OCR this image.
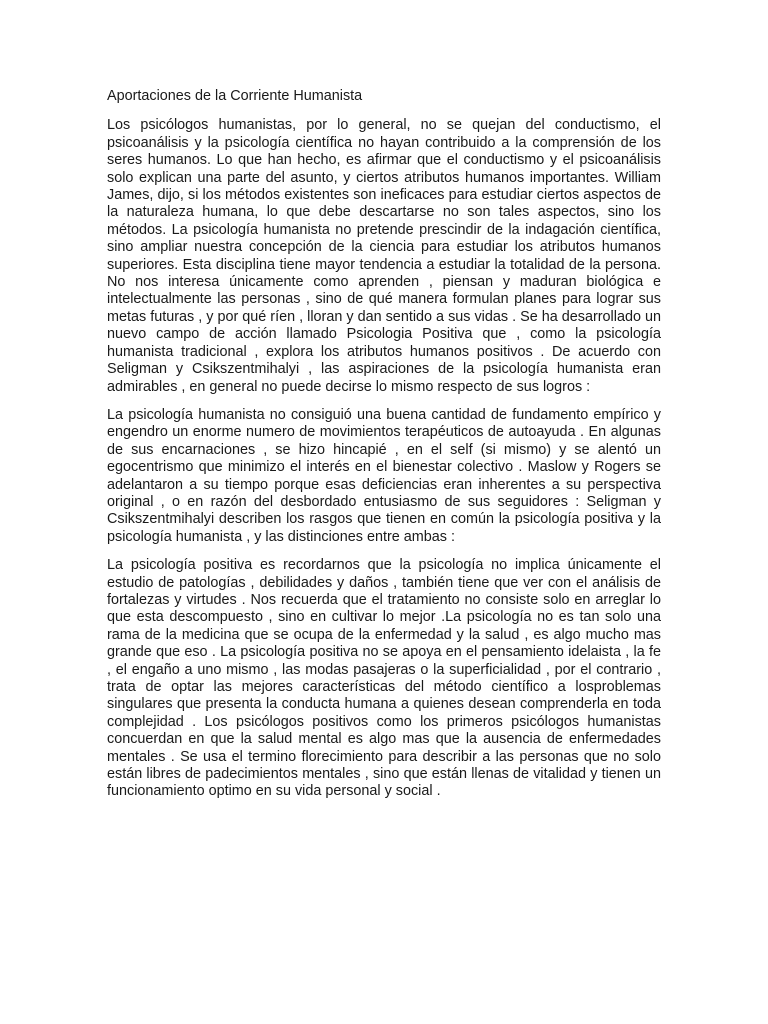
Aportaciones de la Corriente Humanista

Los psicólogos humanistas, por lo general, no se quejan del conductismo, el psicoanálisis y la psicología científica no hayan contribuido a la comprensión de los seres humanos. Lo que han hecho, es afirmar que el conductismo y el psicoanálisis solo explican una parte del asunto, y ciertos atributos humanos importantes. William James, dijo, si los métodos existentes son ineficaces para estudiar ciertos aspectos de la naturaleza humana, lo que debe descartarse no son tales aspectos, sino los métodos. La psicología humanista no pretende prescindir de la indagación científica, sino ampliar nuestra concepción de la ciencia para estudiar los atributos humanos superiores. Esta disciplina tiene mayor tendencia a estudiar la totalidad de la persona. No nos interesa únicamente como aprenden , piensan y maduran biológica e intelectualmente las personas , sino de qué manera formulan planes para lograr sus metas futuras , y por qué ríen , lloran y dan sentido a sus vidas . Se ha desarrollado un nuevo campo de acción llamado Psicologia Positiva que , como la psicología humanista tradicional , explora los atributos humanos positivos . De acuerdo con Seligman y Csikszentmihalyi , las aspiraciones de la psicología humanista eran admirables , en general no puede decirse lo mismo respecto de sus logros :

La psicología humanista no consiguió una buena cantidad de fundamento empírico y engendro un enorme numero de movimientos terapéuticos de autoayuda . En algunas de sus encarnaciones , se hizo hincapié , en el self (si mismo) y se alentó un egocentrismo que minimizo el interés en el bienestar colectivo . Maslow y Rogers se adelantaron a su tiempo porque esas deficiencias eran inherentes a su perspectiva original , o en razón del desbordado entusiasmo de sus seguidores : Seligman y Csikszentmihalyi describen los rasgos que tienen en común la psicología positiva y la psicología humanista , y las distinciones entre ambas :

La psicología positiva es recordarnos que la psicología no implica únicamente el estudio de patologías , debilidades y daños , también tiene que ver con el análisis de fortalezas y virtudes . Nos recuerda que el tratamiento no consiste solo en arreglar lo que esta descompuesto , sino en cultivar lo mejor .La psicología no es tan solo una rama de la medicina que se ocupa de la enfermedad y la salud , es algo mucho mas grande que eso . La psicología positiva no se apoya en el pensamiento idelaista , la fe , el engaño a uno mismo , las modas pasajeras o la superficialidad , por el contrario , trata de optar las mejores características del método científico a losproblemas singulares que presenta la conducta humana a quienes desean comprenderla en toda complejidad . Los psicólogos positivos como los primeros psicólogos humanistas concuerdan en que la salud mental es algo mas que la ausencia de enfermedades mentales . Se usa el termino florecimiento para describir a las personas que no solo están libres de padecimientos mentales , sino que están llenas de vitalidad y tienen un funcionamiento optimo en su vida personal y social .
